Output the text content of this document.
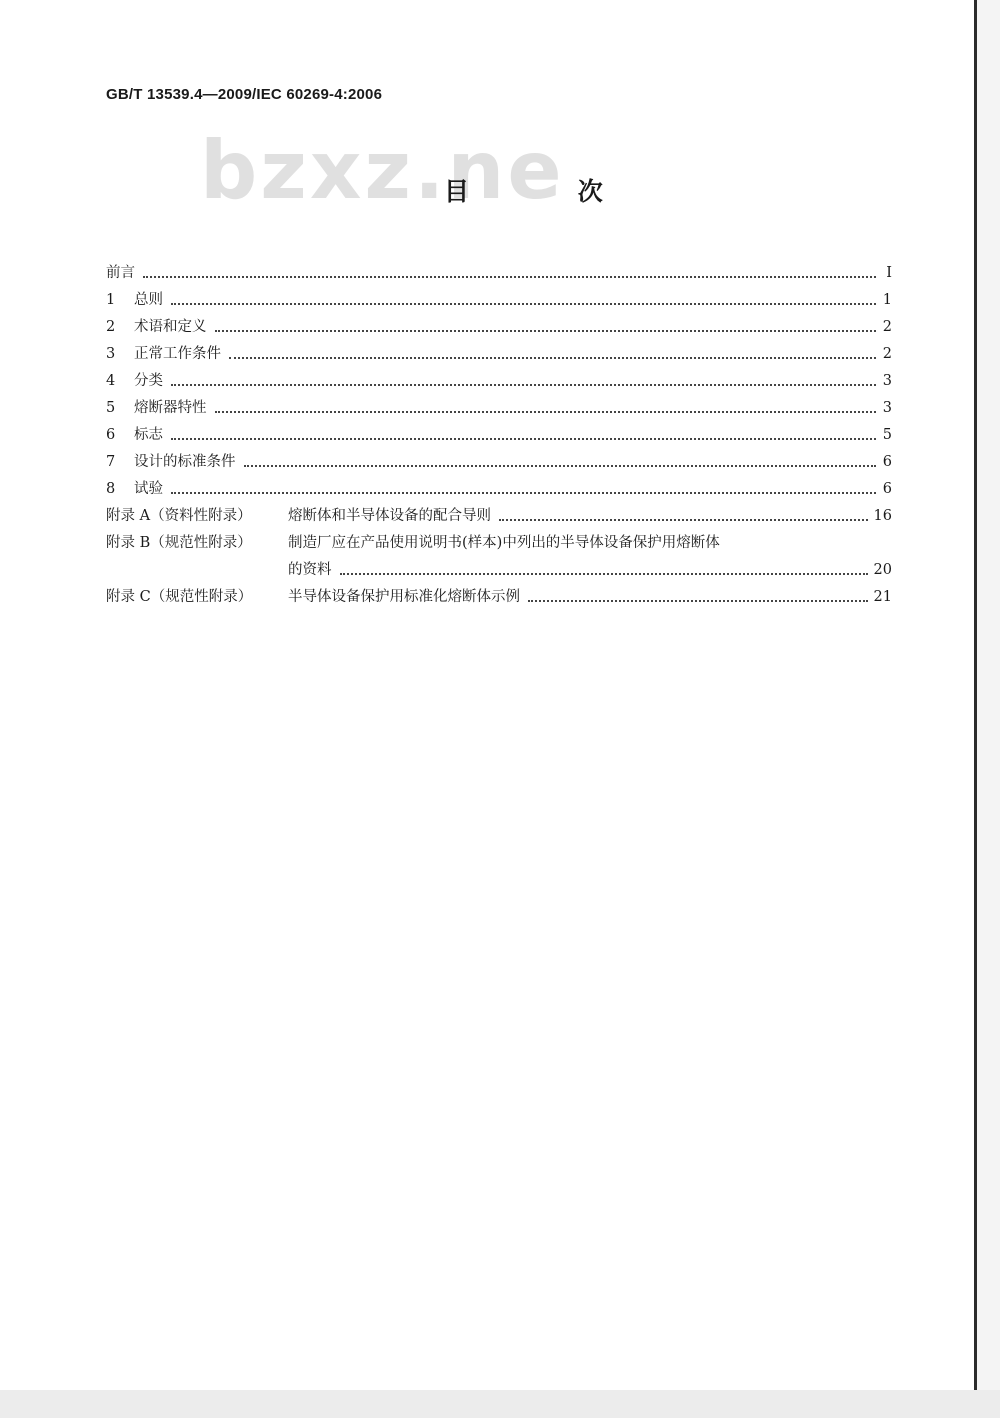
bzxz.ne
GB/T 13539.4—2009/IEC 60269-4:2006
目 次
前言	Ⅰ
1	总则	1
2	术语和定义	2
3	正常工作条件	2
4	分类	3
5	熔断器特性	3
6	标志	5
7	设计的标准条件	6
8	试验	6
附录 A（资料性附录）	熔断体和半导体设备的配合导则	16
附录 B（规范性附录）	制造厂应在产品使用说明书(样本)中列出的半导体设备保护用熔断体
的资料	20
附录 C（规范性附录）	半导体设备保护用标准化熔断体示例	21
